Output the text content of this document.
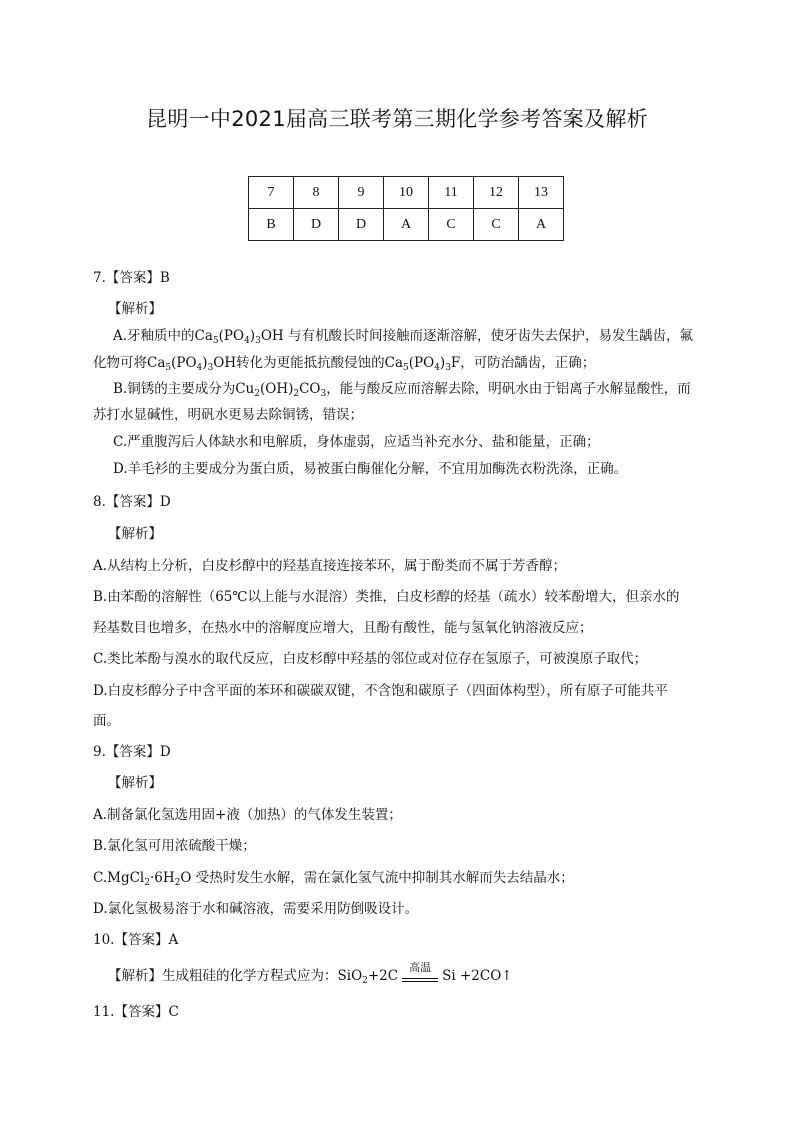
昆明一中2021届高三联考第三期化学参考答案及解析
7	8	9	10	11	12	13
B	D	D	A	C	C	A
7.【答案】B
【解析】
A.牙釉质中的$Ca_5(PO_4)_3OH$ 与有机酸长时间接触而逐渐溶解，使牙齿失去保护，易发生龋齿，氟
化物可将$Ca_5(PO_4)_3OH$转化为更能抵抗酸侵蚀的$Ca_5(PO_4)_3F$，可防治龋齿，正确；
B.铜锈的主要成分为$Cu_2(OH)_2CO_3$，能与酸反应而溶解去除，明矾水由于铝离子水解显酸性，而
苏打水显碱性，明矾水更易去除铜锈，错误；
C.严重腹泻后人体缺水和电解质，身体虚弱，应适当补充水分、盐和能量，正确；
D.羊毛衫的主要成分为蛋白质，易被蛋白酶催化分解，不宜用加酶洗衣粉洗涤，正确。
8.【答案】D
【解析】
A.从结构上分析，白皮杉醇中的羟基直接连接苯环，属于酚类而不属于芳香醇；
B.由苯酚的溶解性（65℃以上能与水混溶）类推，白皮杉醇的烃基（疏水）较苯酚增大，但亲水的
羟基数目也增多，在热水中的溶解度应增大，且酚有酸性，能与氢氧化钠溶液反应；
C.类比苯酚与溴水的取代反应，白皮杉醇中羟基的邻位或对位存在氢原子，可被溴原子取代；
D.白皮杉醇分子中含平面的苯环和碳碳双键，不含饱和碳原子（四面体构型），所有原子可能共平
面。
9.【答案】D
【解析】
A.制备氯化氢选用固+液（加热）的气体发生装置；
B.氯化氢可用浓硫酸干燥；
$C.MgCl_2\cdot 6H_2O$ 受热时发生水解，需在氯化氢气流中抑制其水解而失去结晶水；
D.氯化氢极易溶于水和碱溶液，需要采用防倒吸设计。
10.【答案】A
【解析】生成粗硅的化学方程式应为：SiO$_2$+2C
高温
Si +2CO↑
11.【答案】C
